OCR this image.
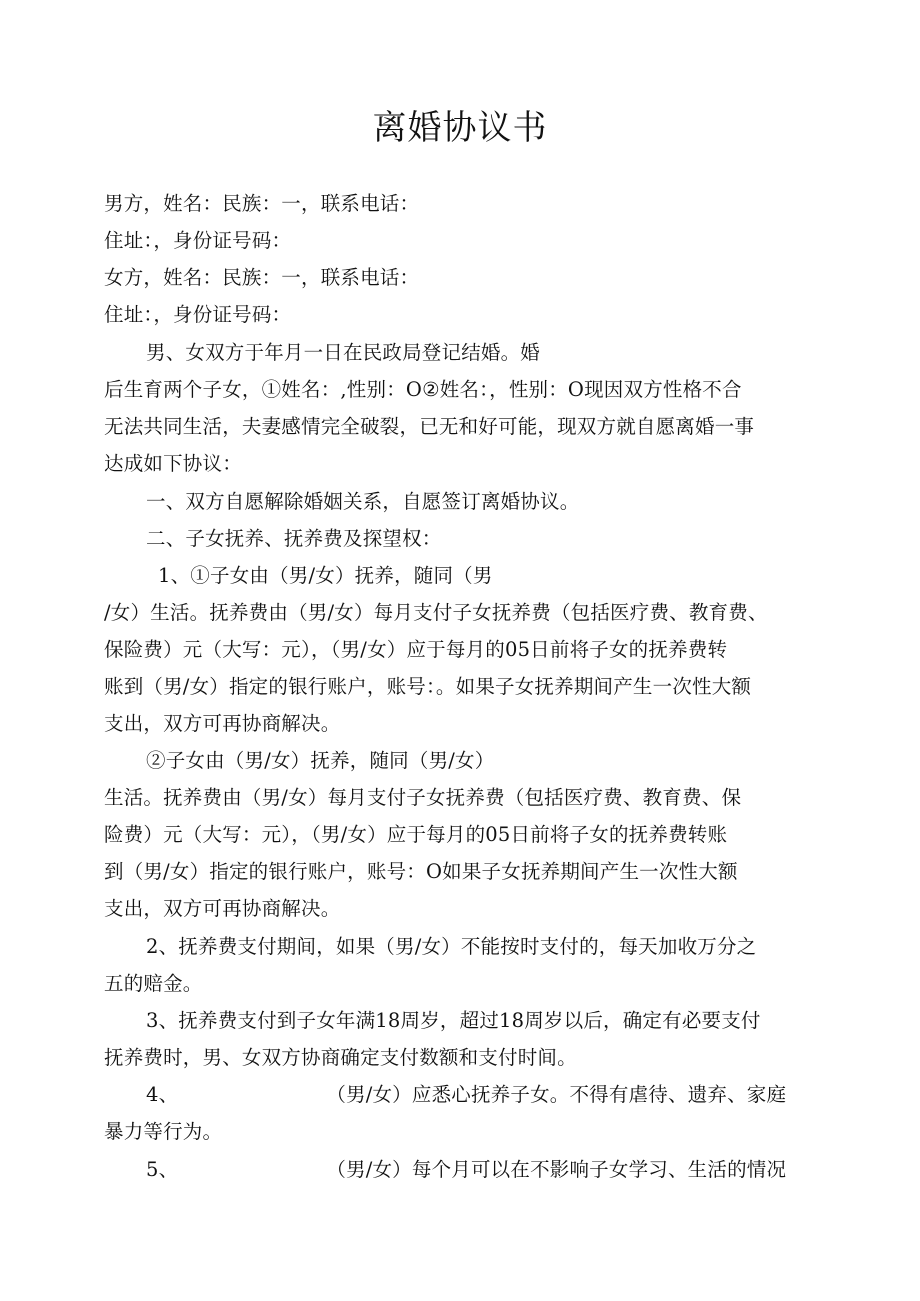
离婚协议书
男方，姓名：民族：一，联系电话：
住址：，身份证号码：
女方，姓名：民族：一，联系电话：
住址：，身份证号码：
男、女双方于年月一日在民政局登记结婚。婚
后生育两个子女，①姓名：,性别：O②姓名：，性别：O现因双方性格不合
无法共同生活，夫妻感情完全破裂，已无和好可能，现双方就自愿离婚一事
达成如下协议：
一、双方自愿解除婚姻关系，自愿签订离婚协议。
二、子女抚养、抚养费及探望权：
1、①子女由（男/女）抚养，随同（男
/女）生活。抚养费由（男/女）每月支付子女抚养费（包括医疗费、教育费、
保险费）元（大写：元），（男/女）应于每月的05日前将子女的抚养费转
账到（男/女）指定的银行账户，账号：。如果子女抚养期间产生一次性大额
支出，双方可再协商解决。
②子女由（男/女）抚养，随同（男/女）
生活。抚养费由（男/女）每月支付子女抚养费（包括医疗费、教育费、保
险费）元（大写：元），（男/女）应于每月的05日前将子女的抚养费转账
到（男/女）指定的银行账户，账号：O如果子女抚养期间产生一次性大额
支出，双方可再协商解决。
2、抚养费支付期间，如果（男/女）不能按时支付的，每天加收万分之
五的赔金。
3、抚养费支付到子女年满18周岁，超过18周岁以后，确定有必要支付
抚养费时，男、女双方协商确定支付数额和支付时间。
4、	（男/女）应悉心抚养子女。不得有虐待、遗弃、家庭
暴力等行为。
5、	（男/女）每个月可以在不影响子女学习、生活的情况
